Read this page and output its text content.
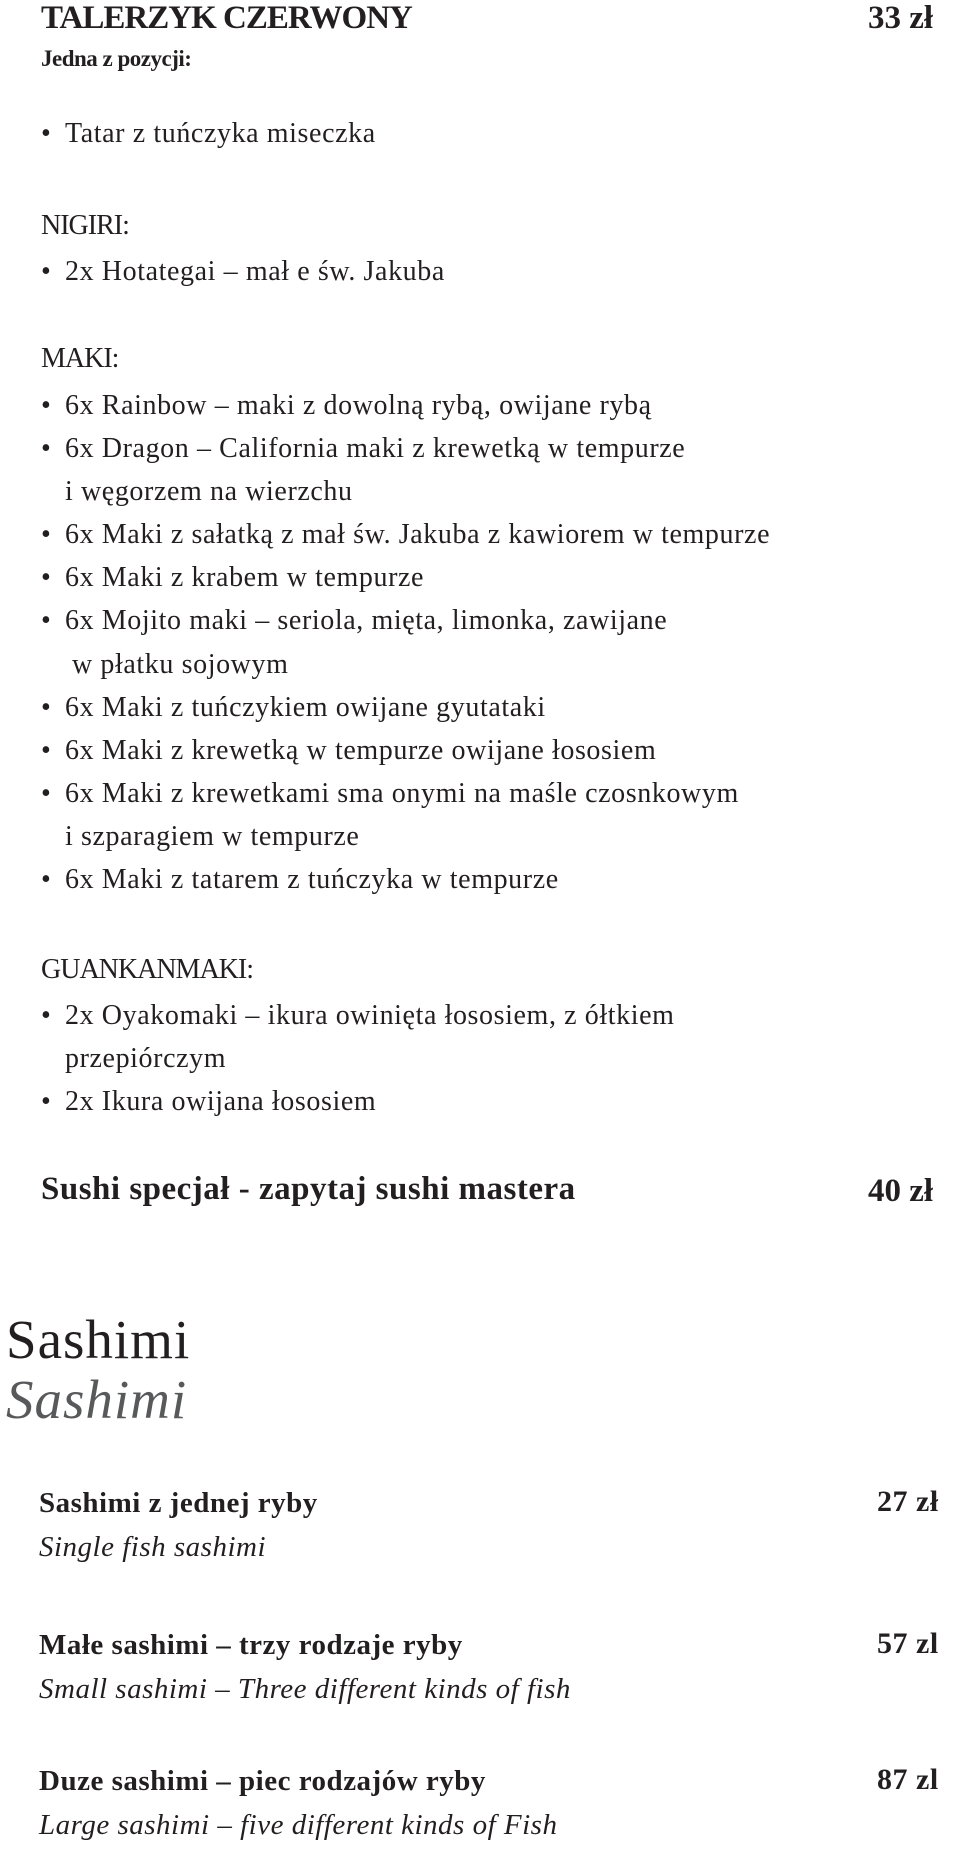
TALERZYK CZERWONY	33 zł
Jedna z pozycji:
• Tatar z tuńczyka miseczka
NIGIRI:
• 2x Hotategai – mał e św. Jakuba
MAKI:
• 6x Rainbow – maki z dowolną rybą, owijane rybą
• 6x Dragon – California maki z krewetką w tempurze
i węgorzem na wierzchu
• 6x Maki z sałatką z mał św. Jakuba z kawiorem w tempurze
• 6x Maki z krabem w tempurze
• 6x Mojito maki – seriola, mięta, limonka, zawijane
w płatku sojowym
• 6x Maki z tuńczykiem owijane gyutataki
• 6x Maki z krewetką w tempurze owijane łososiem
• 6x Maki z krewetkami sma onymi na maśle czosnkowym
i szparagiem w tempurze
• 6x Maki z tatarem z tuńczyka w tempurze
GUANKANMAKI:
• 2x Oyakomaki – ikura owinięta łososiem, z ółtkiem
przepiórczym
• 2x Ikura owijana łososiem
Sushi specjał - zapytaj sushi mastera	40 zł
Sashimi
Sashimi
Sashimi z jednej ryby	27 zł
Single fish sashimi
Małe sashimi – trzy rodzaje ryby	57 zl
Small sashimi – Three different kinds of fish
Duze sashimi – piec rodzajów ryby	87 zl
Large sashimi – five different kinds of Fish
